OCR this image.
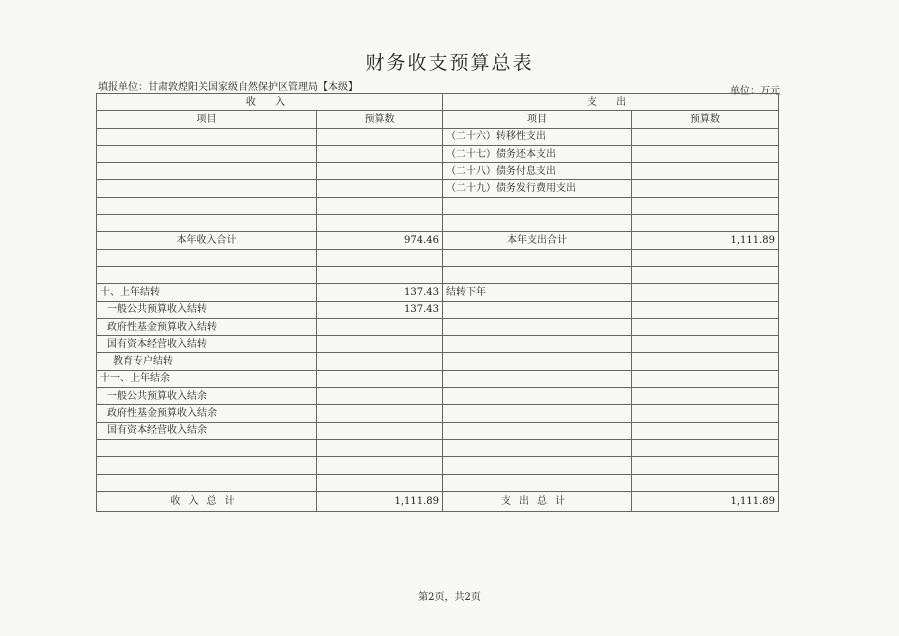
财务收支预算总表
填报单位：甘肃敦煌阳关国家级自然保护区管理局【本级】	单位：万元
收 入		支 出	
项目	预算数	项目	预算数
		（二十六）转移性支出	
		（二十七）债务还本支出	
		（二十八）债务付息支出	
		（二十九）债务发行费用支出	

本年收入合计	974.46	本年支出合计	1,111.89

十、上年结转	137.43	结转下年	
一般公共预算收入结转	137.43		
政府性基金预算收入结转			
国有资本经营收入结转			
教育专户结转			
十一、上年结余			
一般公共预算收入结余			
政府性基金预算收入结余			
国有资本经营收入结余			

收入总计	1,111.89	支出总计	1,111.89
第2页，共2页
